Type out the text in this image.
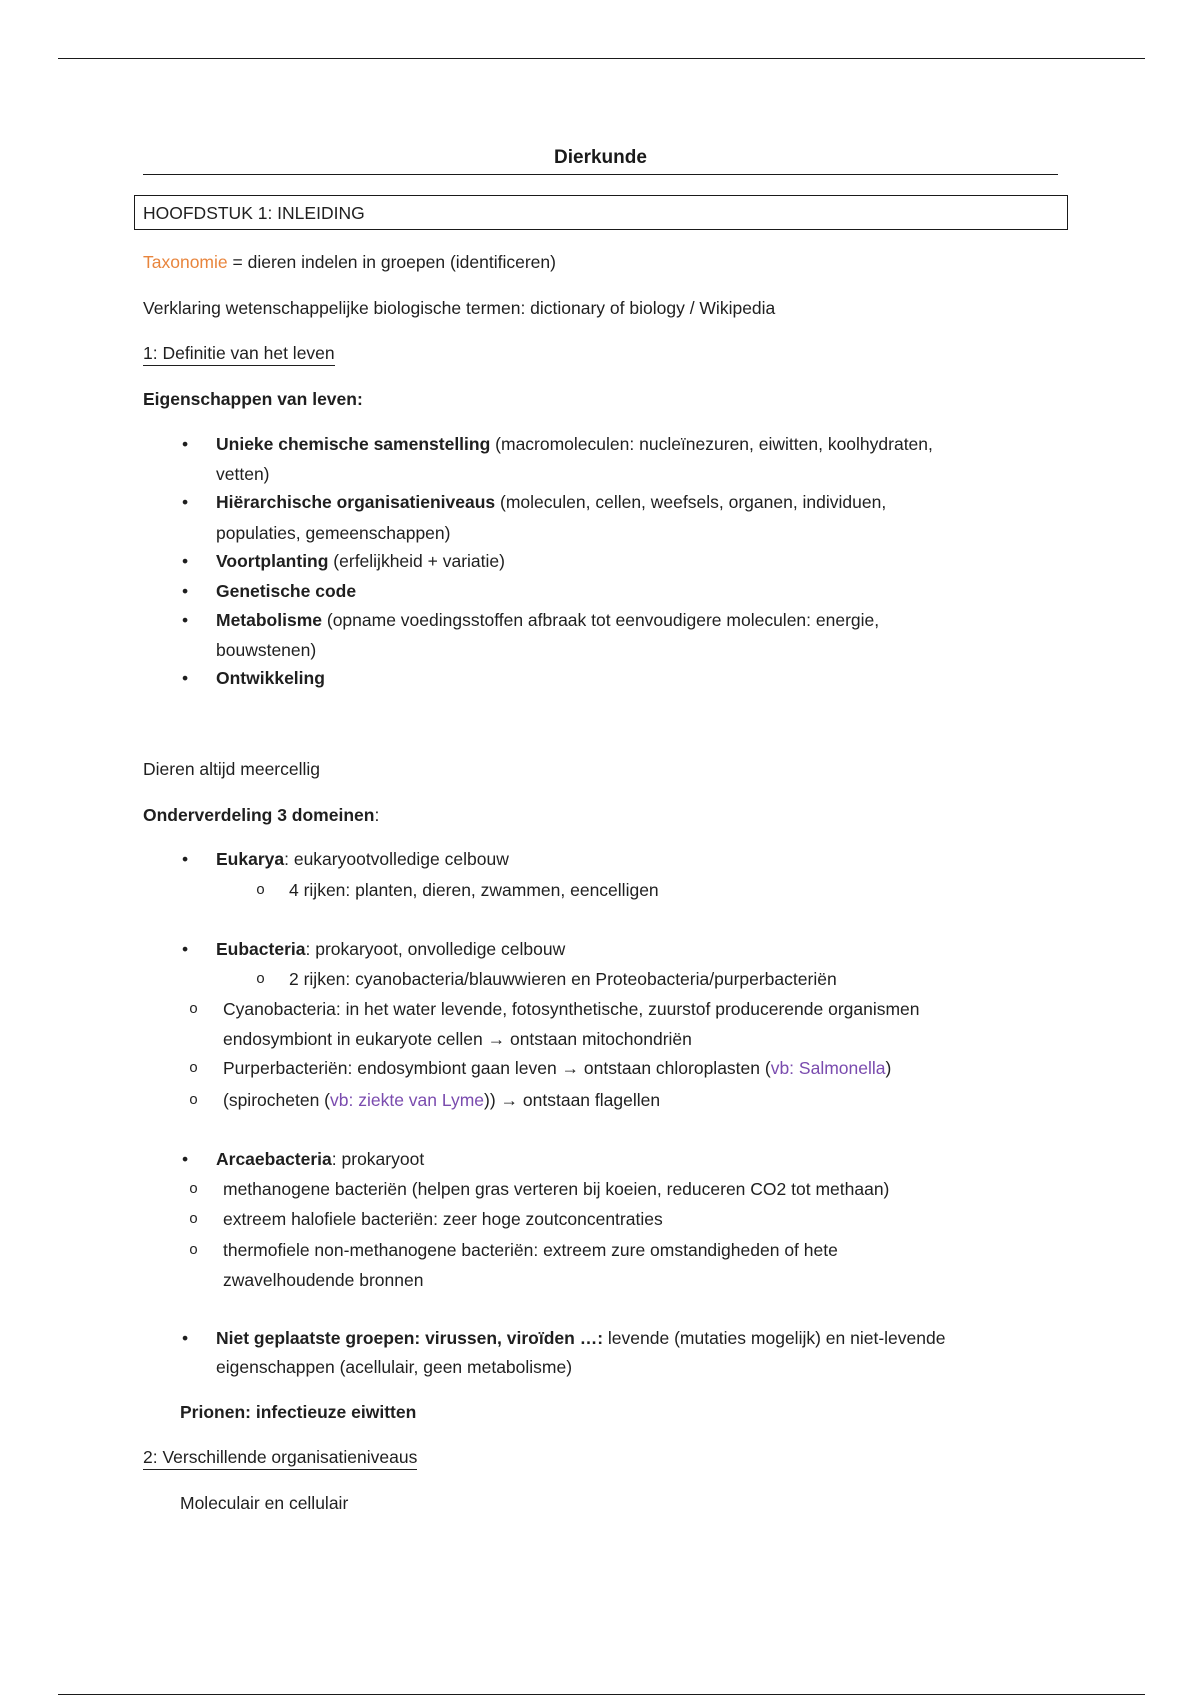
Dierkunde
HOOFDSTUK 1: INLEIDING
Taxonomie = dieren indelen in groepen (identificeren)
Verklaring wetenschappelijke biologische termen: dictionary of biology / Wikipedia
1: Definitie van het leven
Eigenschappen van leven:
• Unieke chemische samenstelling (macromoleculen: nucleïnezuren, eiwitten, koolhydraten,
vetten)
• Hiërarchische organisatieniveaus (moleculen, cellen, weefsels, organen, individuen,
populaties, gemeenschappen)
• Voortplanting (erfelijkheid + variatie)
• Genetische code
• Metabolisme (opname voedingsstoffen afbraak tot eenvoudigere moleculen: energie,
bouwstenen)
• Ontwikkeling
Dieren altijd meercellig
Onderverdeling 3 domeinen:
• Eukarya: eukaryootvolledige celbouw
o 4 rijken: planten, dieren, zwammen, eencelligen
• Eubacteria: prokaryoot, onvolledige celbouw
o 2 rijken: cyanobacteria/blauwwieren en Proteobacteria/purperbacteriën
o Cyanobacteria: in het water levende, fotosynthetische, zuurstof producerende organismen
endosymbiont in eukaryote cellen → ontstaan mitochondriën
o Purperbacteriën: endosymbiont gaan leven → ontstaan chloroplasten (vb: Salmonella)
o (spirocheten (vb: ziekte van Lyme)) → ontstaan flagellen
• Arcaebacteria: prokaryoot
o methanogene bacteriën (helpen gras verteren bij koeien, reduceren CO2 tot methaan)
o extreem halofiele bacteriën: zeer hoge zoutconcentraties
o thermofiele non-methanogene bacteriën: extreem zure omstandigheden of hete
zwavelhoudende bronnen
• Niet geplaatste groepen: virussen, viroïden …: levende (mutaties mogelijk) en niet-levende
eigenschappen (acellulair, geen metabolisme)
Prionen: infectieuze eiwitten
2: Verschillende organisatieniveaus
Moleculair en cellulair
